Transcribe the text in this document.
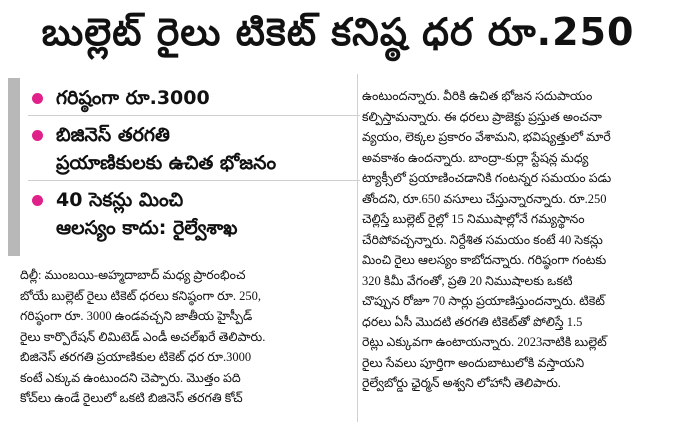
బుల్లెట్ రైలు టికెట్ కనిష్ఠ ధర రూ.250
గరిష్ఠంగా రూ.3000
బిజినెస్ తరగతి
ప్రయాణికులకు ఉచిత భోజనం
40 సెకన్లు మించి
ఆలస్యం కాదు: రైల్వేశాఖ
దిల్లీ: ముంబయి-అహ్మదాబాద్ మధ్య ప్రారంభించ
బోయే బుల్లెట్ రైలు టికెట్ ధరలు కనిష్ఠంగా రూ. 250,
గరిష్ఠంగా రూ. 3000 ఉండవచ్చని జాతీయ హైస్పీడ్
రైలు కార్పొరేషన్ లిమిటెడ్ ఎండీ అచల్‌ఖరే తెలిపారు.
బిజినెస్ తరగతి ప్రయాణికుల టికెట్ ధర రూ.3000
కంటే ఎక్కువ ఉంటుందని చెప్పారు. మొత్తం పది
కోచ్‌లు ఉండే రైలులో ఒకటి బిజినెస్ తరగతి కోచ్
ఉంటుందన్నారు. వీరికి ఉచిత భోజన సదుపాయం
కల్పిస్తామన్నారు. ఈ ధరలు ప్రాజెక్టు ప్రస్తుత అంచనా
వ్యయం, లెక్కల ప్రకారం వేశామని, భవిష్యత్తులో మారే
అవకాశం ఉందన్నారు. బాంద్రా-కుర్లా స్టేషన్ల మధ్య
ట్యాక్సీలో ప్రయాణించడానికి గంటన్నర సమయం పడు
తోందని, రూ.650 వసూలు చేస్తున్నారన్నారు. రూ.250
చెల్లిస్తే బుల్లెట్ రైల్లో 15 నిముషాల్లోనే గమ్యస్థానం
చేరిపోవచ్చన్నారు. నిర్దేశిత సమయం కంటే 40 సెకన్లు
మించి రైలు ఆలస్యం కాబోదన్నారు. గరిష్ఠంగా గంటకు
320 కిమీ వేగంతో, ప్రతి 20 నిముషాలకు ఒకటి
చొప్పున రోజూ 70 సార్లు ప్రయాణిస్తుందన్నారు. టికెట్
ధరలు ఏసీ మొదటి తరగతి టికెట్‌తో పోలిస్తే 1.5
రెట్లు ఎక్కువగా ఉంటాయన్నారు. 2023నాటికి బుల్లెట్
రైలు సేవలు పూర్తిగా అందుబాటులోకి వస్తాయని
రైల్వేబోర్డు ఛైర్మన్ అశ్వని లోహానీ తెలిపారు.
